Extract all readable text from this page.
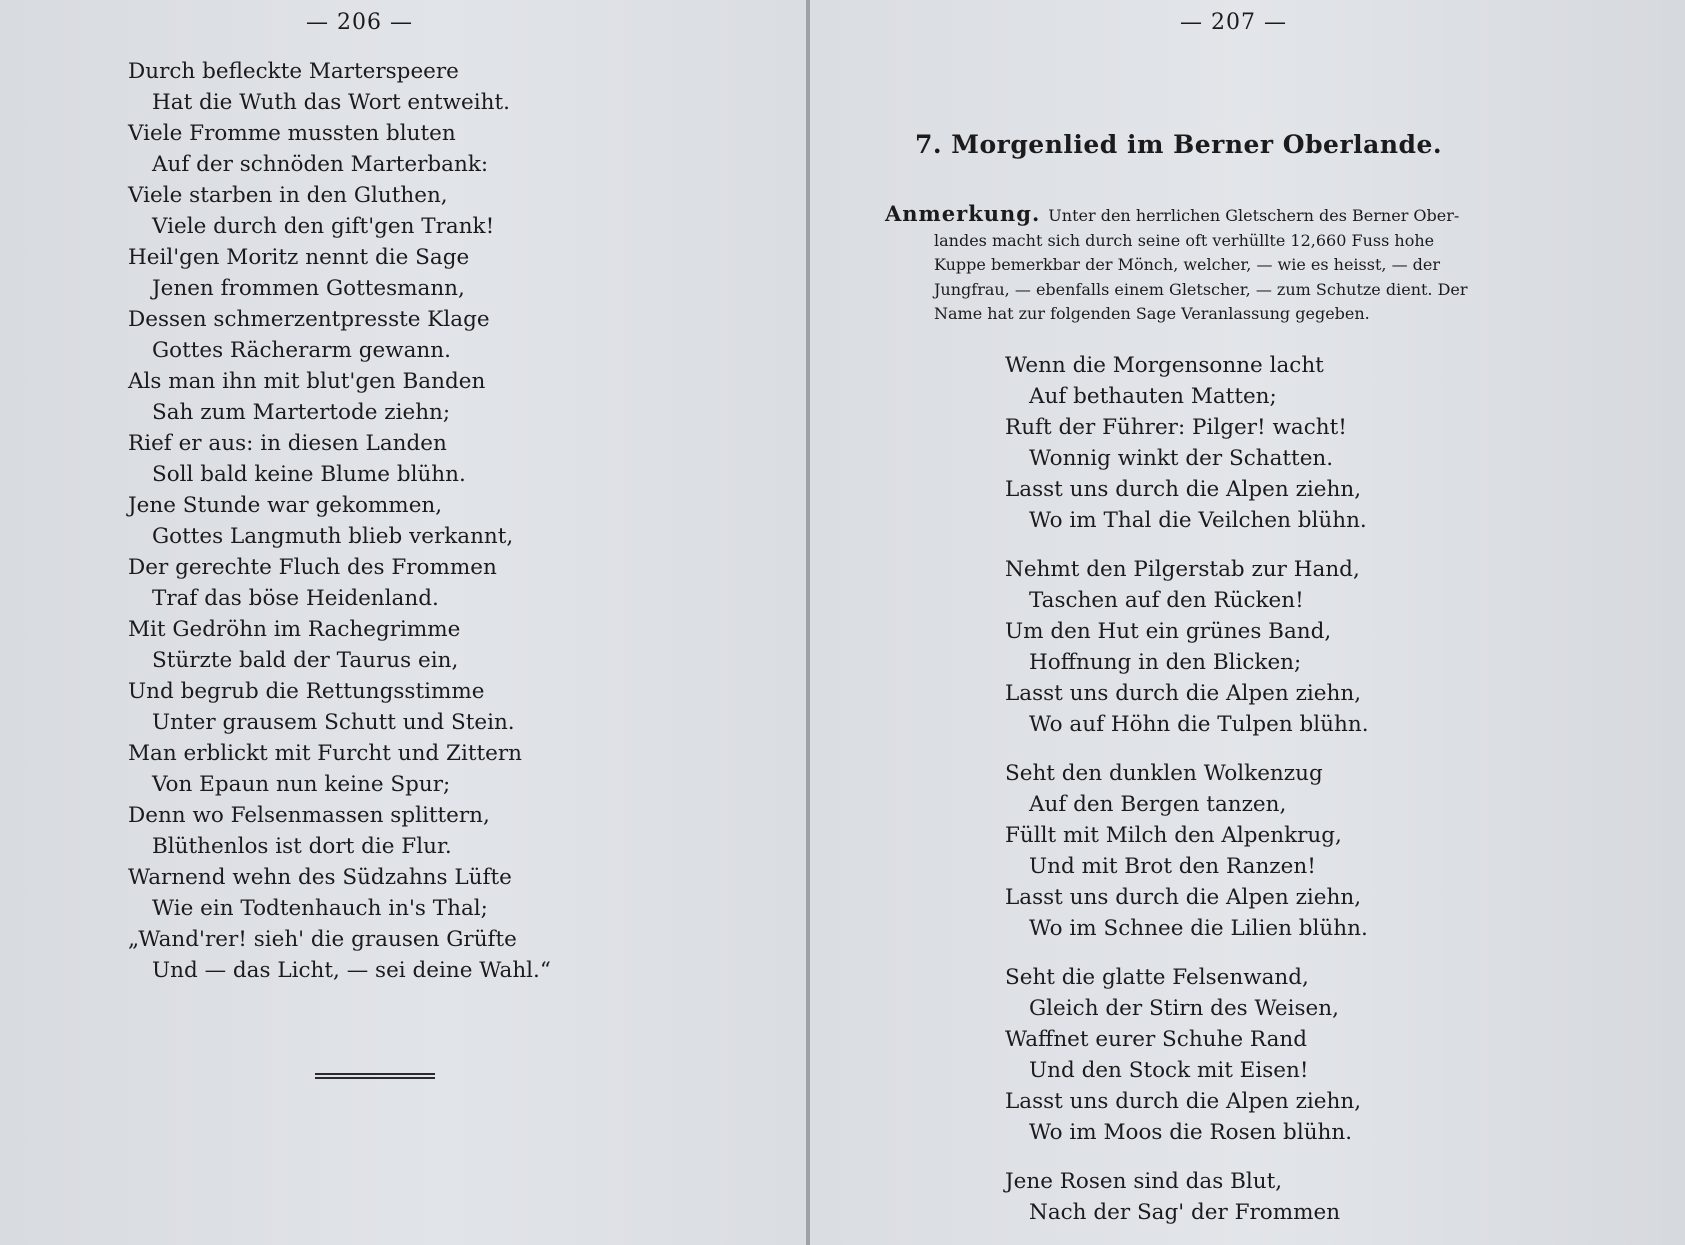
— 206 —
Durch befleckte Marterspeere
Hat die Wuth das Wort entweiht.
Viele Fromme mussten bluten
Auf der schnöden Marterbank:
Viele starben in den Gluthen,
Viele durch den gift'gen Trank!
Heil'gen Moritz nennt die Sage
Jenen frommen Gottesmann,
Dessen schmerzentpresste Klage
Gottes Rächerarm gewann.
Als man ihn mit blut'gen Banden
Sah zum Martertode ziehn;
Rief er aus: in diesen Landen
Soll bald keine Blume blühn.
Jene Stunde war gekommen,
Gottes Langmuth blieb verkannt,
Der gerechte Fluch des Frommen
Traf das böse Heidenland.
Mit Gedröhn im Rachegrimme
Stürzte bald der Taurus ein,
Und begrub die Rettungsstimme
Unter grausem Schutt und Stein.
Man erblickt mit Furcht und Zittern
Von Epaun nun keine Spur;
Denn wo Felsenmassen splittern,
Blüthenlos ist dort die Flur.
Warnend wehn des Südzahns Lüfte
Wie ein Todtenhauch in's Thal;
„Wand'rer! sieh' die grausen Grüfte
Und — das Licht, — sei deine Wahl.“
— 207 —
7. Morgenlied im Berner Oberlande.
Anmerkung. Unter den herrlichen Gletschern des Berner Ober-
landes macht sich durch seine oft verhüllte 12,660 Fuss hohe
Kuppe bemerkbar der Mönch, welcher, — wie es heisst, — der
Jungfrau, — ebenfalls einem Gletscher, — zum Schutze dient. Der
Name hat zur folgenden Sage Veranlassung gegeben.
Wenn die Morgensonne lacht
Auf bethauten Matten;
Ruft der Führer: Pilger! wacht!
Wonnig winkt der Schatten.
Lasst uns durch die Alpen ziehn,
Wo im Thal die Veilchen blühn.
Nehmt den Pilgerstab zur Hand,
Taschen auf den Rücken!
Um den Hut ein grünes Band,
Hoffnung in den Blicken;
Lasst uns durch die Alpen ziehn,
Wo auf Höhn die Tulpen blühn.
Seht den dunklen Wolkenzug
Auf den Bergen tanzen,
Füllt mit Milch den Alpenkrug,
Und mit Brot den Ranzen!
Lasst uns durch die Alpen ziehn,
Wo im Schnee die Lilien blühn.
Seht die glatte Felsenwand,
Gleich der Stirn des Weisen,
Waffnet eurer Schuhe Rand
Und den Stock mit Eisen!
Lasst uns durch die Alpen ziehn,
Wo im Moos die Rosen blühn.
Jene Rosen sind das Blut,
Nach der Sag' der Frommen
